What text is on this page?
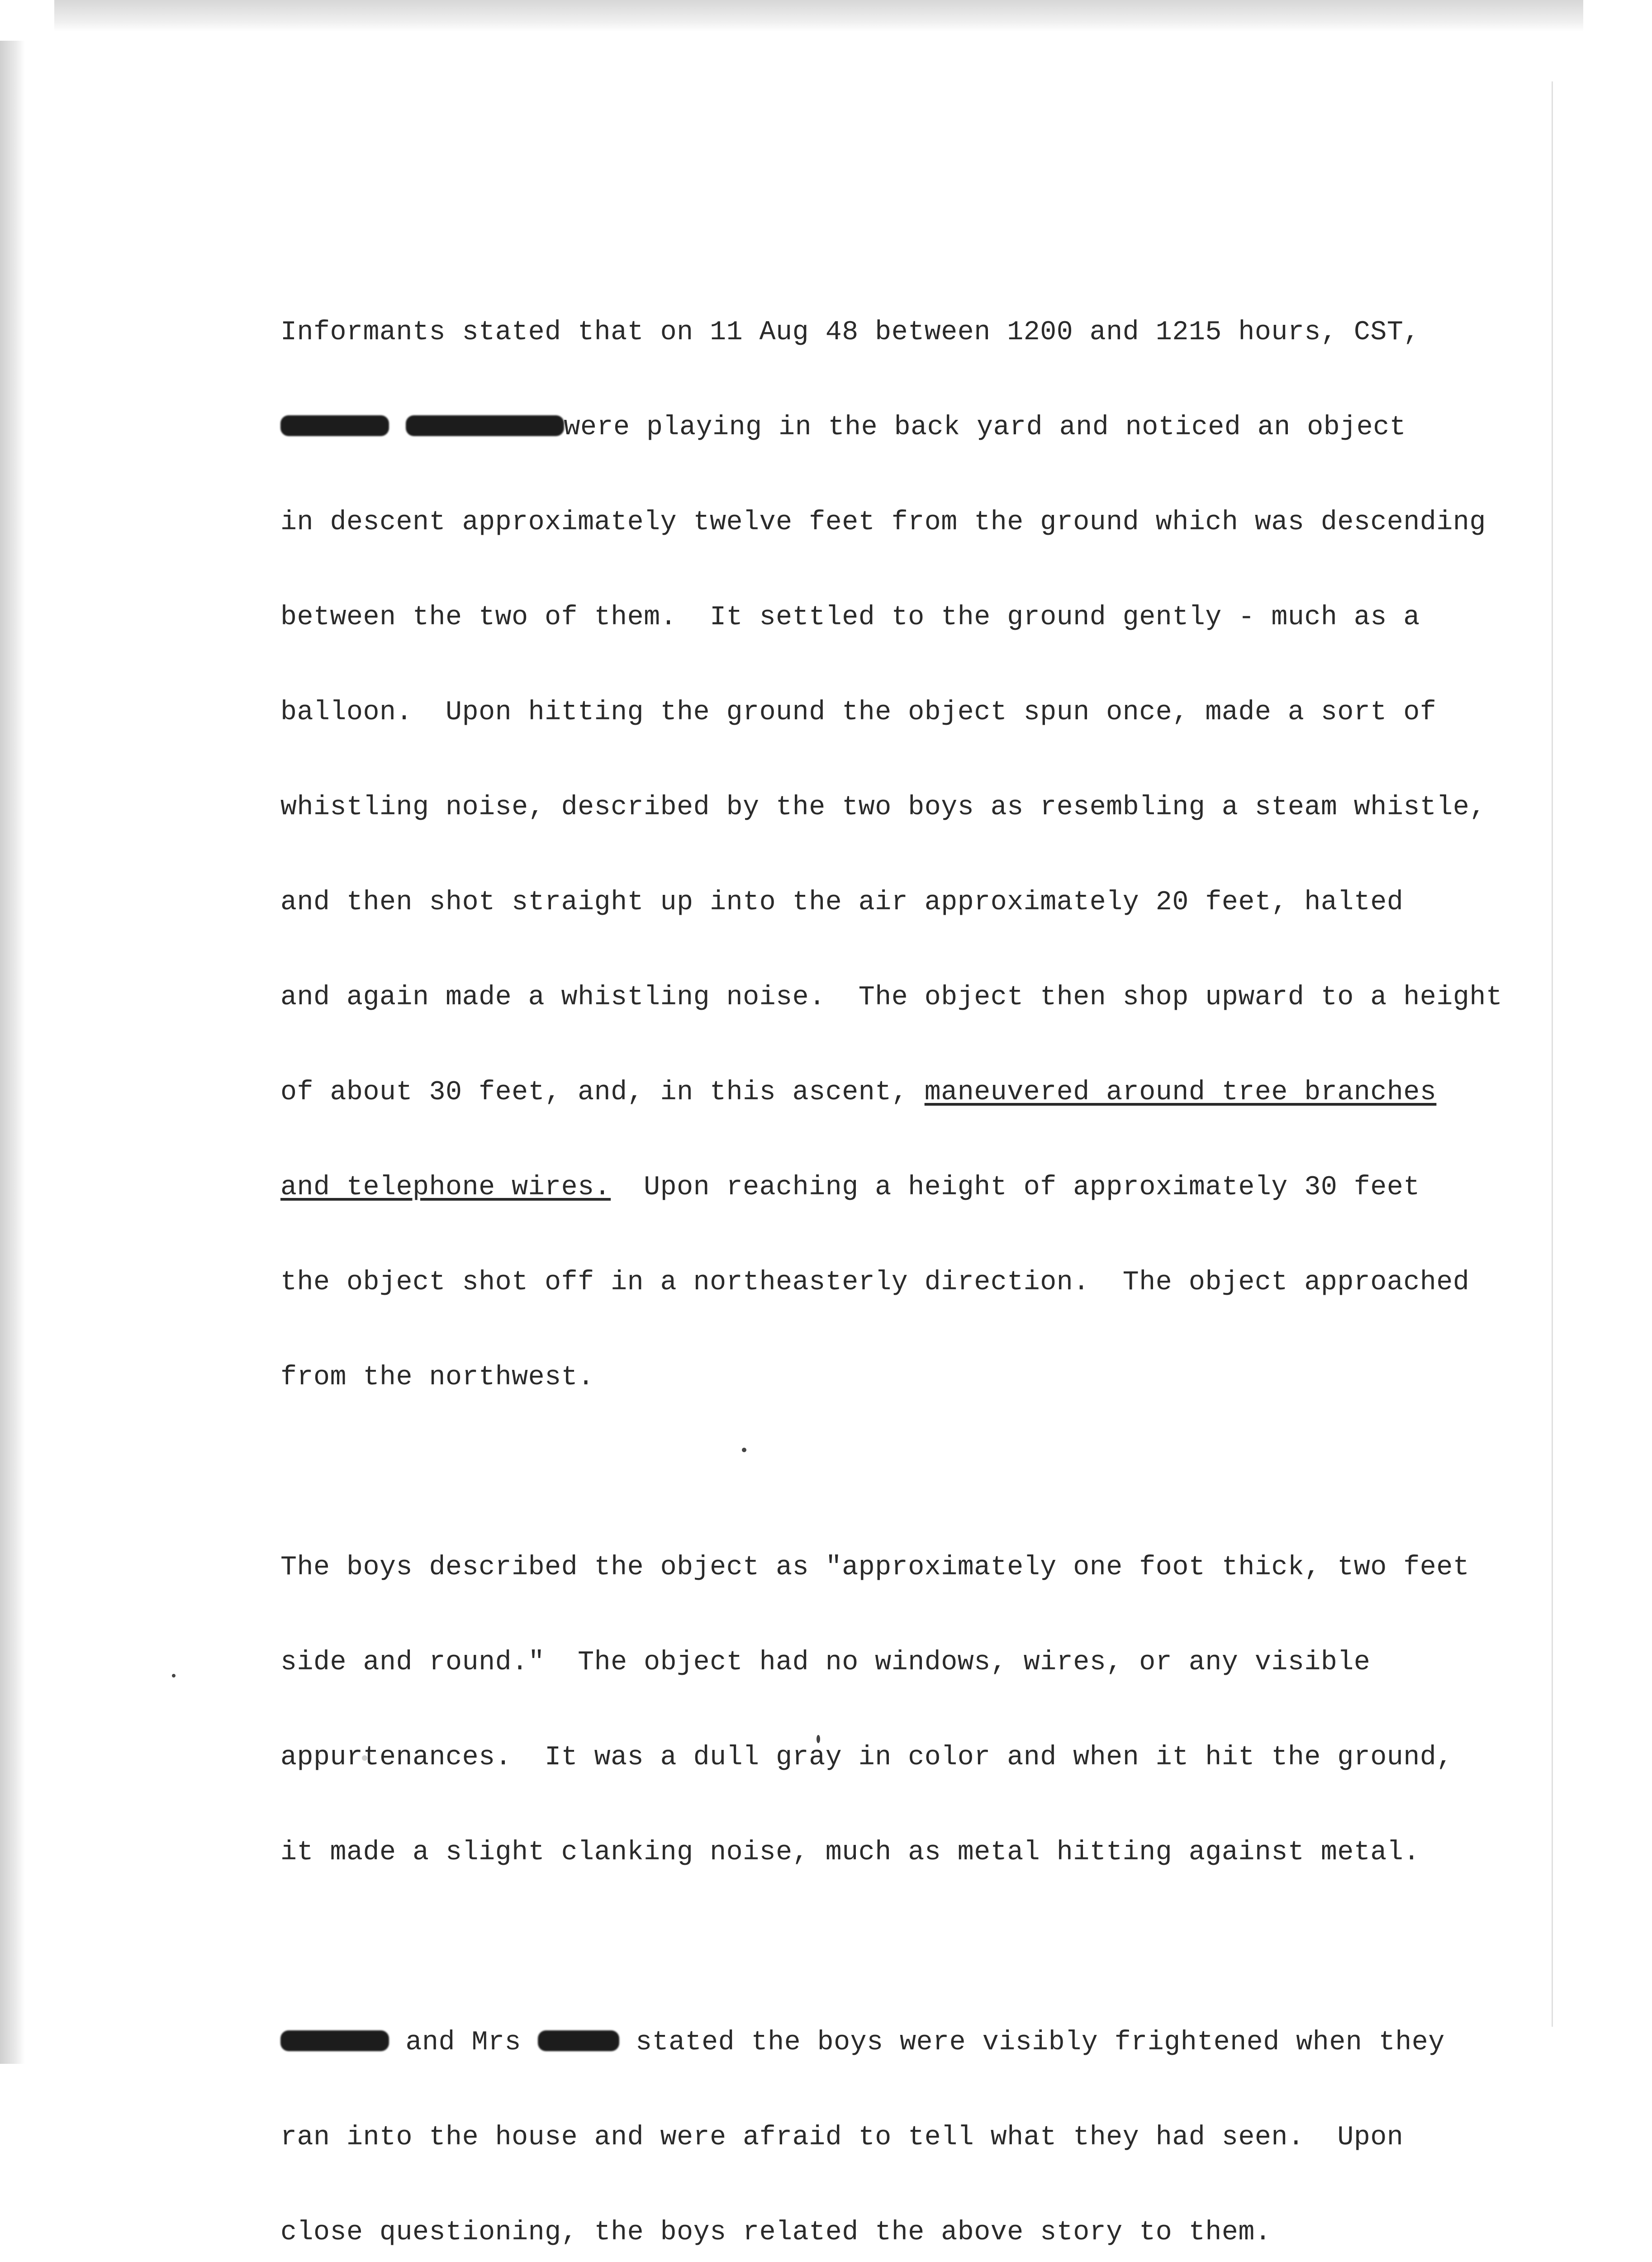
Informants stated that on 11 Aug 48 between 1200 and 1215 hours, CST,

were playing in the back yard and noticed an object

in descent approximately twelve feet from the ground which was descending

between the two of them.  It settled to the ground gently - much as a

balloon.  Upon hitting the ground the object spun once, made a sort of

whistling noise, described by the two boys as resembling a steam whistle,

and then shot straight up into the air approximately 20 feet, halted

and again made a whistling noise.  The object then shop upward to a height

of about 30 feet, and, in this ascent, maneuvered around tree branches

and telephone wires.  Upon reaching a height of approximately 30 feet

the object shot off in a northeasterly direction.  The object approached

from the northwest.

The boys described the object as "approximately one foot thick, two feet

side and round."  The object had no windows, wires, or any visible

appurtenances.  It was a dull gray in color and when it hit the ground,

it made a slight clanking noise, much as metal hitting against metal.

and Mrs	stated the boys were visibly frightened when they

ran into the house and were afraid to tell what they had seen.  Upon

close questioning, the boys related the above story to them.
